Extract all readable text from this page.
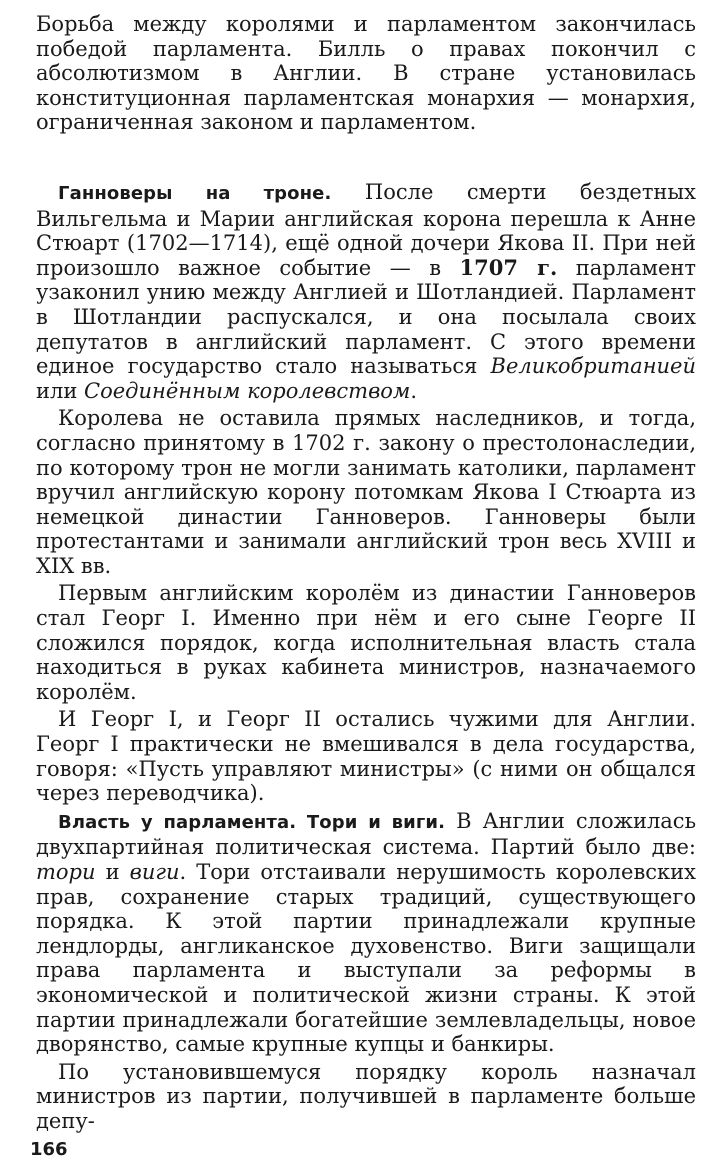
Борьба между королями и парламентом закончилась победой парламента. Билль о правах покончил с абсолютизмом в Англии. В стране установилась конституционная парламентская монархия — монархия, ограниченная законом и парламентом.

Ганноверы на троне. После смерти бездетных Вильгельма и Марии английская корона перешла к Анне Стюарт (1702—1714), ещё одной дочери Якова II. При ней произошло важное событие — в 1707 г. парламент узаконил унию между Англией и Шотландией. Парламент в Шотландии распускался, и она посылала своих депутатов в английский парламент. С этого времени единое государство стало называться Великобританией или Соединённым королевством.

Королева не оставила прямых наследников, и тогда, согласно принятому в 1702 г. закону о престолонаследии, по которому трон не могли занимать католики, парламент вручил английскую корону потомкам Якова I Стюарта из немецкой династии Ганноверов. Ганноверы были протестантами и занимали английский трон весь XVIII и XIX вв.

Первым английским королём из династии Ганноверов стал Георг I. Именно при нём и его сыне Георге II сложился порядок, когда исполнительная власть стала находиться в руках кабинета министров, назначаемого королём.

И Георг I, и Георг II остались чужими для Англии. Георг I практически не вмешивался в дела государства, говоря: «Пусть управляют министры» (с ними он общался через переводчика).

Власть у парламента. Тори и виги. В Англии сложилась двухпартийная политическая система. Партий было две: тори и виги. Тори отстаивали нерушимость королевских прав, сохранение старых традиций, существующего порядка. К этой партии принадлежали крупные лендлорды, англиканское духовенство. Виги защищали права парламента и выступали за реформы в экономической и политической жизни страны. К этой партии принадлежали богатейшие землевладельцы, новое дворянство, самые крупные купцы и банкиры.

По установившемуся порядку король назначал министров из партии, получившей в парламенте больше депу-

166
